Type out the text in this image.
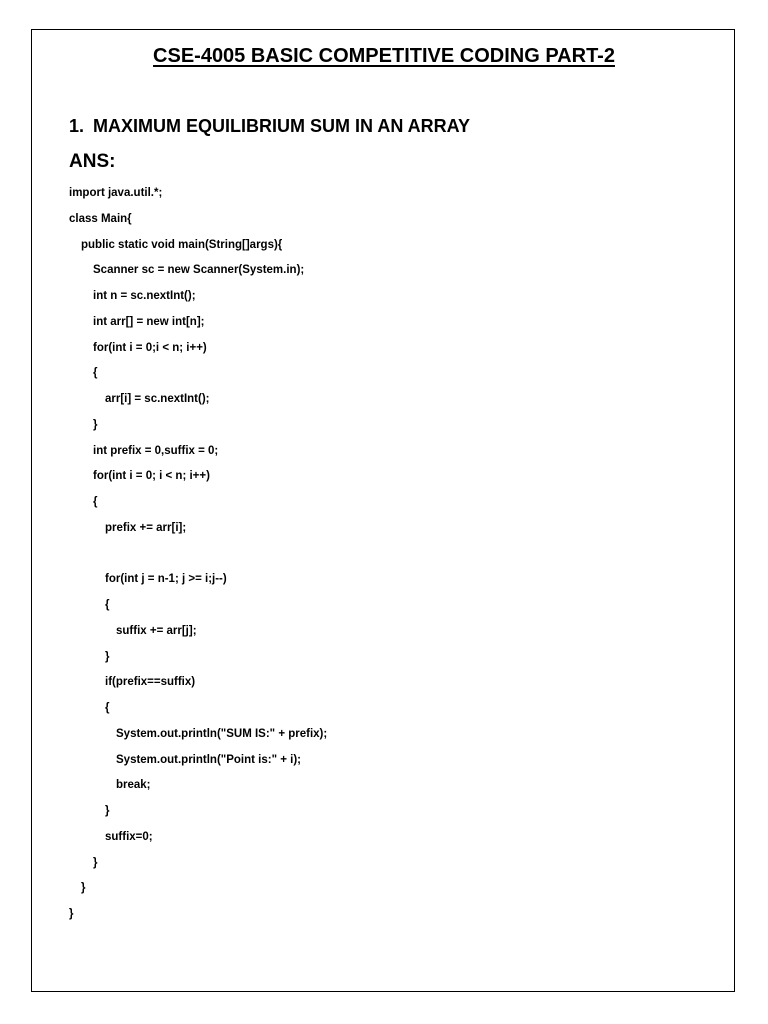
CSE-4005 BASIC COMPETITIVE CODING PART-2
1. MAXIMUM EQUILIBRIUM SUM IN AN ARRAY
ANS:
import java.util.*;
class Main{
public static void main(String[]args){
Scanner sc = new Scanner(System.in);
int n = sc.nextInt();
int arr[] = new int[n];
for(int i = 0;i < n; i++)
{
arr[i] = sc.nextInt();
}
int prefix = 0,suffix = 0;
for(int i = 0; i < n; i++)
{
prefix += arr[i];
for(int j = n-1; j >= i;j--)
{
suffix += arr[j];
}
if(prefix==suffix)
{
System.out.println("SUM IS:" + prefix);
System.out.println("Point is:" + i);
break;
}
suffix=0;
}
}
}
